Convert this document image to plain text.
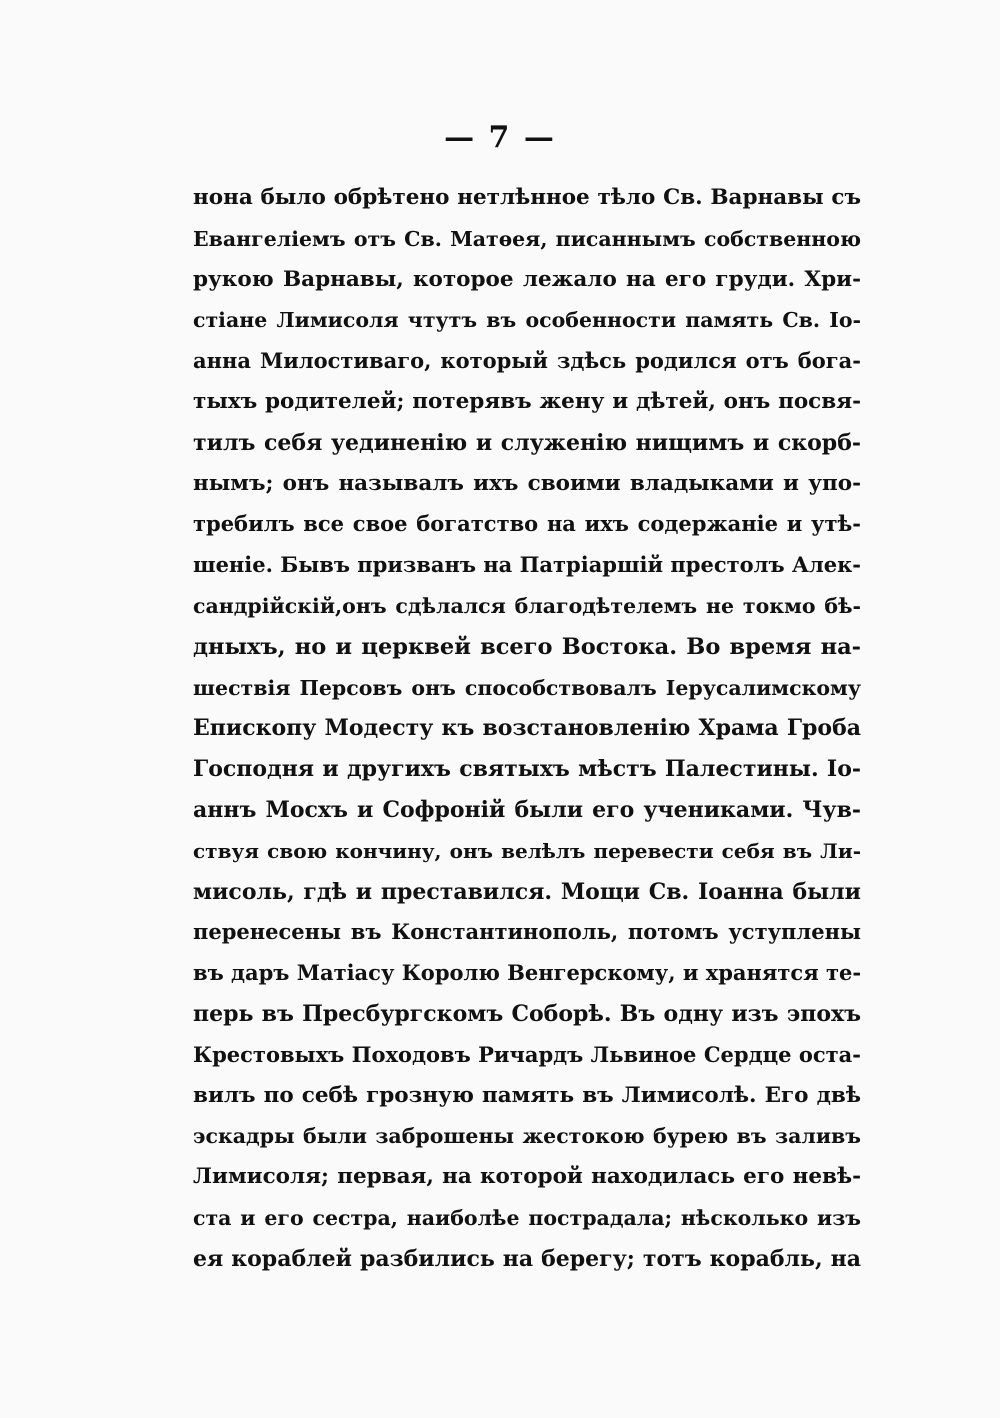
— 7 —
нона было обрѣтено нетлѣнное тѣло Св. Варнавы съ
Евангеліемъ отъ Св. Матѳея, писаннымъ собственною
рукою Варнавы, которое лежало на его груди. Хри-
стіане Лимисоля чтутъ въ особенности память Св. Іо-
анна Милостиваго, который здѣсь родился отъ бога-
тыхъ родителей; потерявъ жену и дѣтей, онъ посвя-
тилъ себя уединенію и служенію нищимъ и скорб-
нымъ; онъ называлъ ихъ своими владыками и упо-
требилъ все свое богатство на ихъ содержаніе и утѣ-
шеніе. Бывъ призванъ на Патріаршій престолъ Алек-
сандрійскій,онъ сдѣлался благодѣтелемъ не токмо бѣ-
дныхъ, но и церквей всего Востока. Во время на-
шествія Персовъ онъ способствовалъ Іерусалимскому
Епископу Модесту къ возстановленію Храма Гроба
Господня и другихъ святыхъ мѣстъ Палестины. Іо-
аннъ Мосхъ и Софроній были его учениками. Чув-
ствуя свою кончину, онъ велѣлъ перевести себя въ Ли-
мисоль, гдѣ и преставился. Мощи Св. Іоанна были
перенесены въ Константинополь, потомъ уступлены
въ даръ Матіасу Королю Венгерскому, и хранятся те-
перь въ Пресбургскомъ Соборѣ. Въ одну изъ эпохъ
Крестовыхъ Походовъ Ричардъ Львиное Сердце оста-
вилъ по себѣ грозную память въ Лимисолѣ. Его двѣ
эскадры были заброшены жестокою бурею въ заливъ
Лимисоля; первая, на которой находилась его невѣ-
ста и его сестра, наиболѣе пострадала; нѣсколько изъ
ея кораблей разбились на берегу; тотъ корабль, на
